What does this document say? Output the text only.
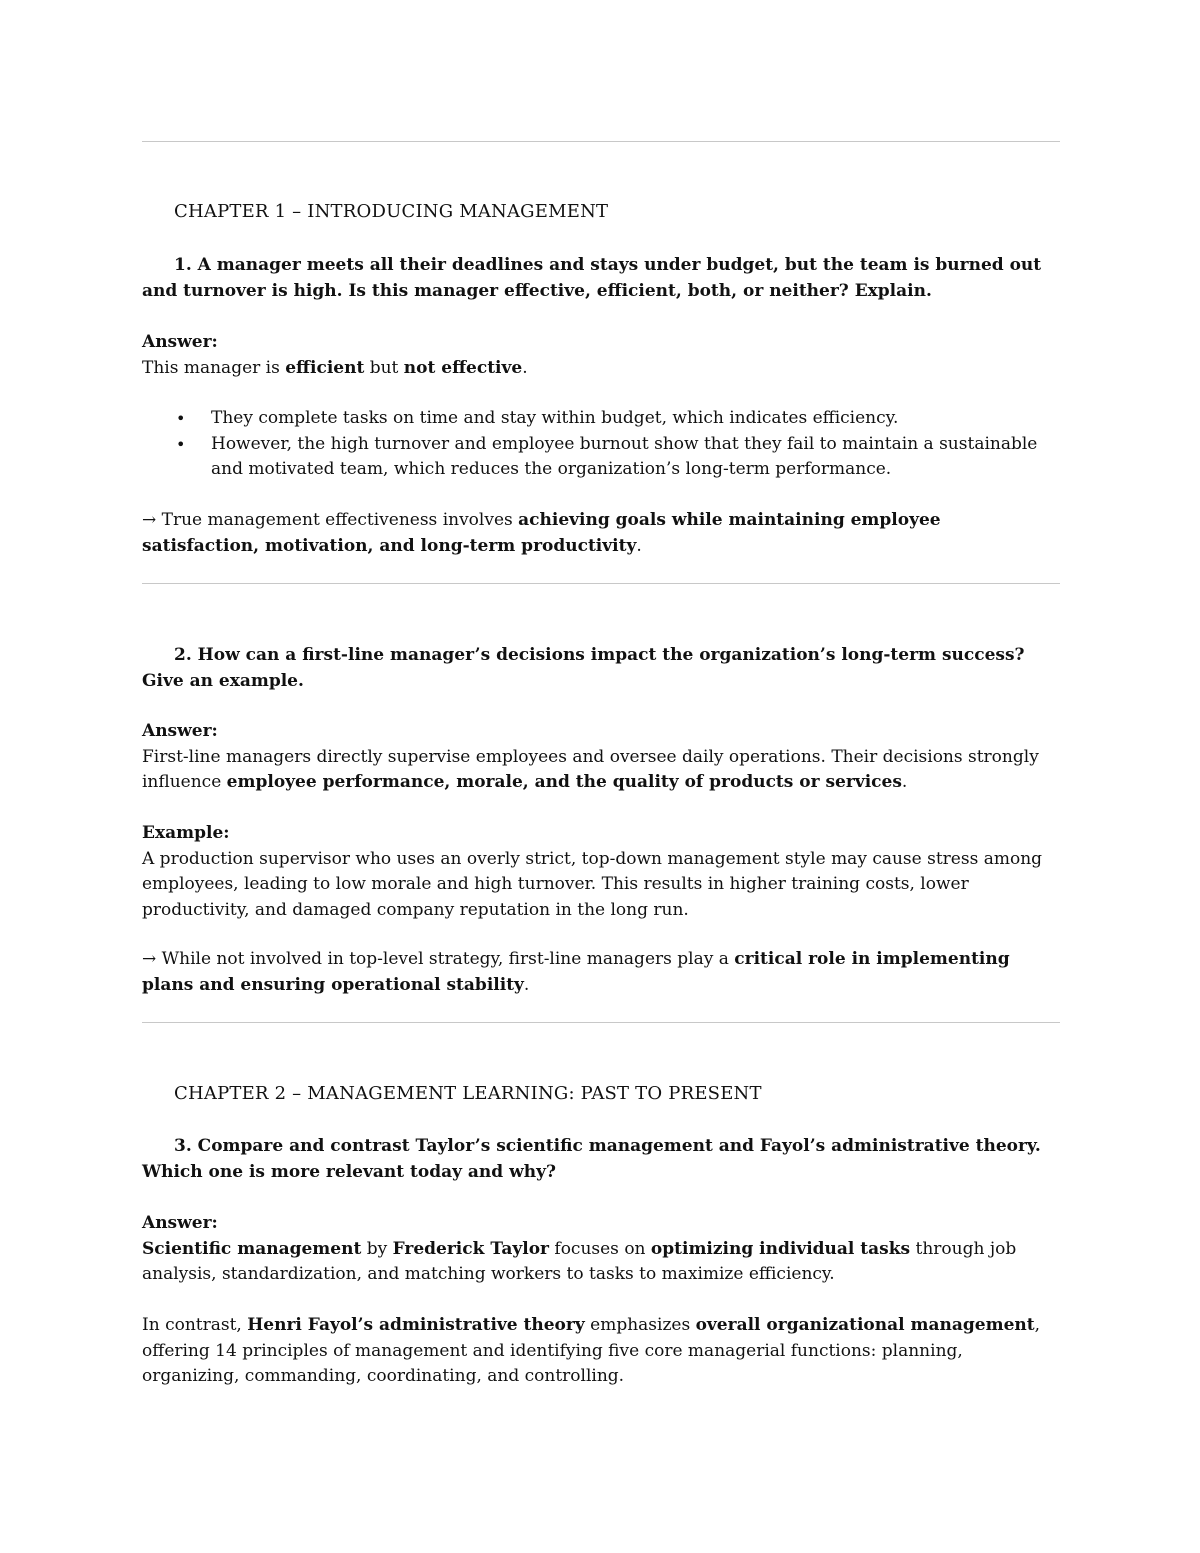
CHAPTER 1 – INTRODUCING MANAGEMENT
1. A manager meets all their deadlines and stays under budget, but the team is burned out and turnover is high. Is this manager effective, efficient, both, or neither? Explain.
Answer:
This manager is efficient but not effective.
• They complete tasks on time and stay within budget, which indicates efficiency.
• However, the high turnover and employee burnout show that they fail to maintain a sustainable and motivated team, which reduces the organization’s long-term performance.
→ True management effectiveness involves achieving goals while maintaining employee satisfaction, motivation, and long-term productivity.
2. How can a first-line manager’s decisions impact the organization’s long-term success? Give an example.
Answer:
First-line managers directly supervise employees and oversee daily operations. Their decisions strongly influence employee performance, morale, and the quality of products or services.
Example:
A production supervisor who uses an overly strict, top-down management style may cause stress among employees, leading to low morale and high turnover. This results in higher training costs, lower productivity, and damaged company reputation in the long run.
→ While not involved in top-level strategy, first-line managers play a critical role in implementing plans and ensuring operational stability.
CHAPTER 2 – MANAGEMENT LEARNING: PAST TO PRESENT
3. Compare and contrast Taylor’s scientific management and Fayol’s administrative theory. Which one is more relevant today and why?
Answer:
Scientific management by Frederick Taylor focuses on optimizing individual tasks through job analysis, standardization, and matching workers to tasks to maximize efficiency.
In contrast, Henri Fayol’s administrative theory emphasizes overall organizational management, offering 14 principles of management and identifying five core managerial functions: planning, organizing, commanding, coordinating, and controlling.
